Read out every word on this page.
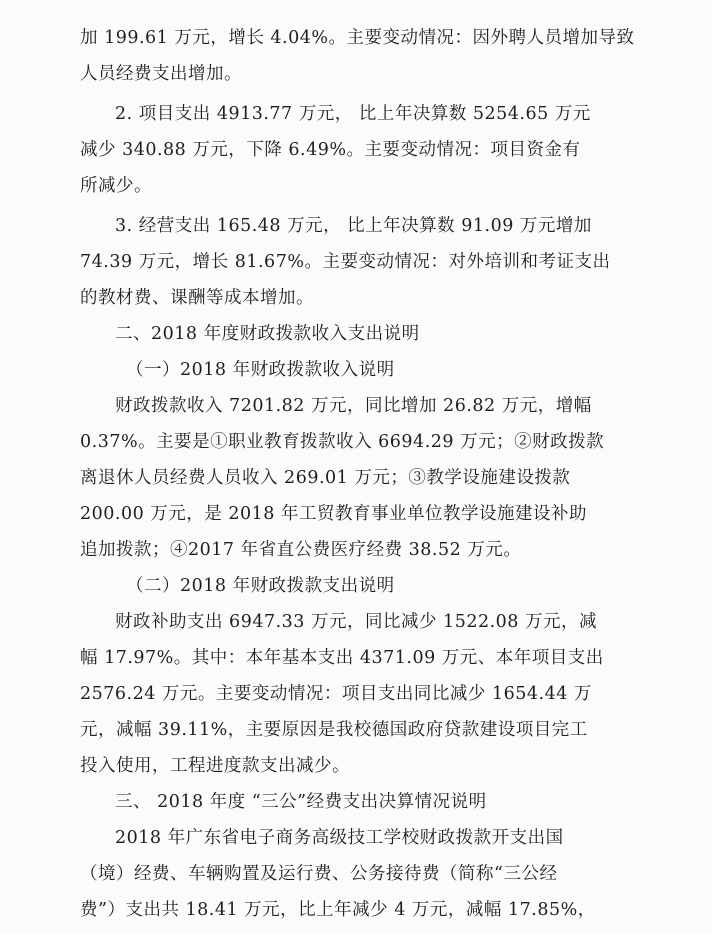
加 199.61 万元，增长 4.04%。主要变动情况：因外聘人员增加导致
人员经费支出增加。
2. 项目支出 4913.77 万元， 比上年决算数 5254.65 万元
减少 340.88 万元，下降 6.49%。主要变动情况：项目资金有
所减少。
3. 经营支出 165.48 万元， 比上年决算数 91.09 万元增加
74.39 万元，增长 81.67%。主要变动情况：对外培训和考证支出
的教材费、课酬等成本增加。
二、2018 年度财政拨款收入支出说明
（一）2018 年财政拨款收入说明
财政拨款收入 7201.82 万元，同比增加 26.82 万元，增幅
0.37%。主要是①职业教育拨款收入 6694.29 万元；②财政拨款
离退休人员经费人员收入 269.01 万元；③教学设施建设拨款
200.00 万元，是 2018 年工贸教育事业单位教学设施建设补助
追加拨款；④2017 年省直公费医疗经费 38.52 万元。
（二）2018 年财政拨款支出说明
财政补助支出 6947.33 万元，同比减少 1522.08 万元，减
幅 17.97%。其中：本年基本支出 4371.09 万元、本年项目支出
2576.24 万元。主要变动情况：项目支出同比减少 1654.44 万
元，减幅 39.11%，主要原因是我校德国政府贷款建设项目完工
投入使用，工程进度款支出减少。
三、 2018 年度 “三公”经费支出决算情况说明
2018 年广东省电子商务高级技工学校财政拨款开支出国
（境）经费、车辆购置及运行费、公务接待费（简称“三公经
费”）支出共 18.41 万元，比上年减少 4 万元，减幅 17.85%，
